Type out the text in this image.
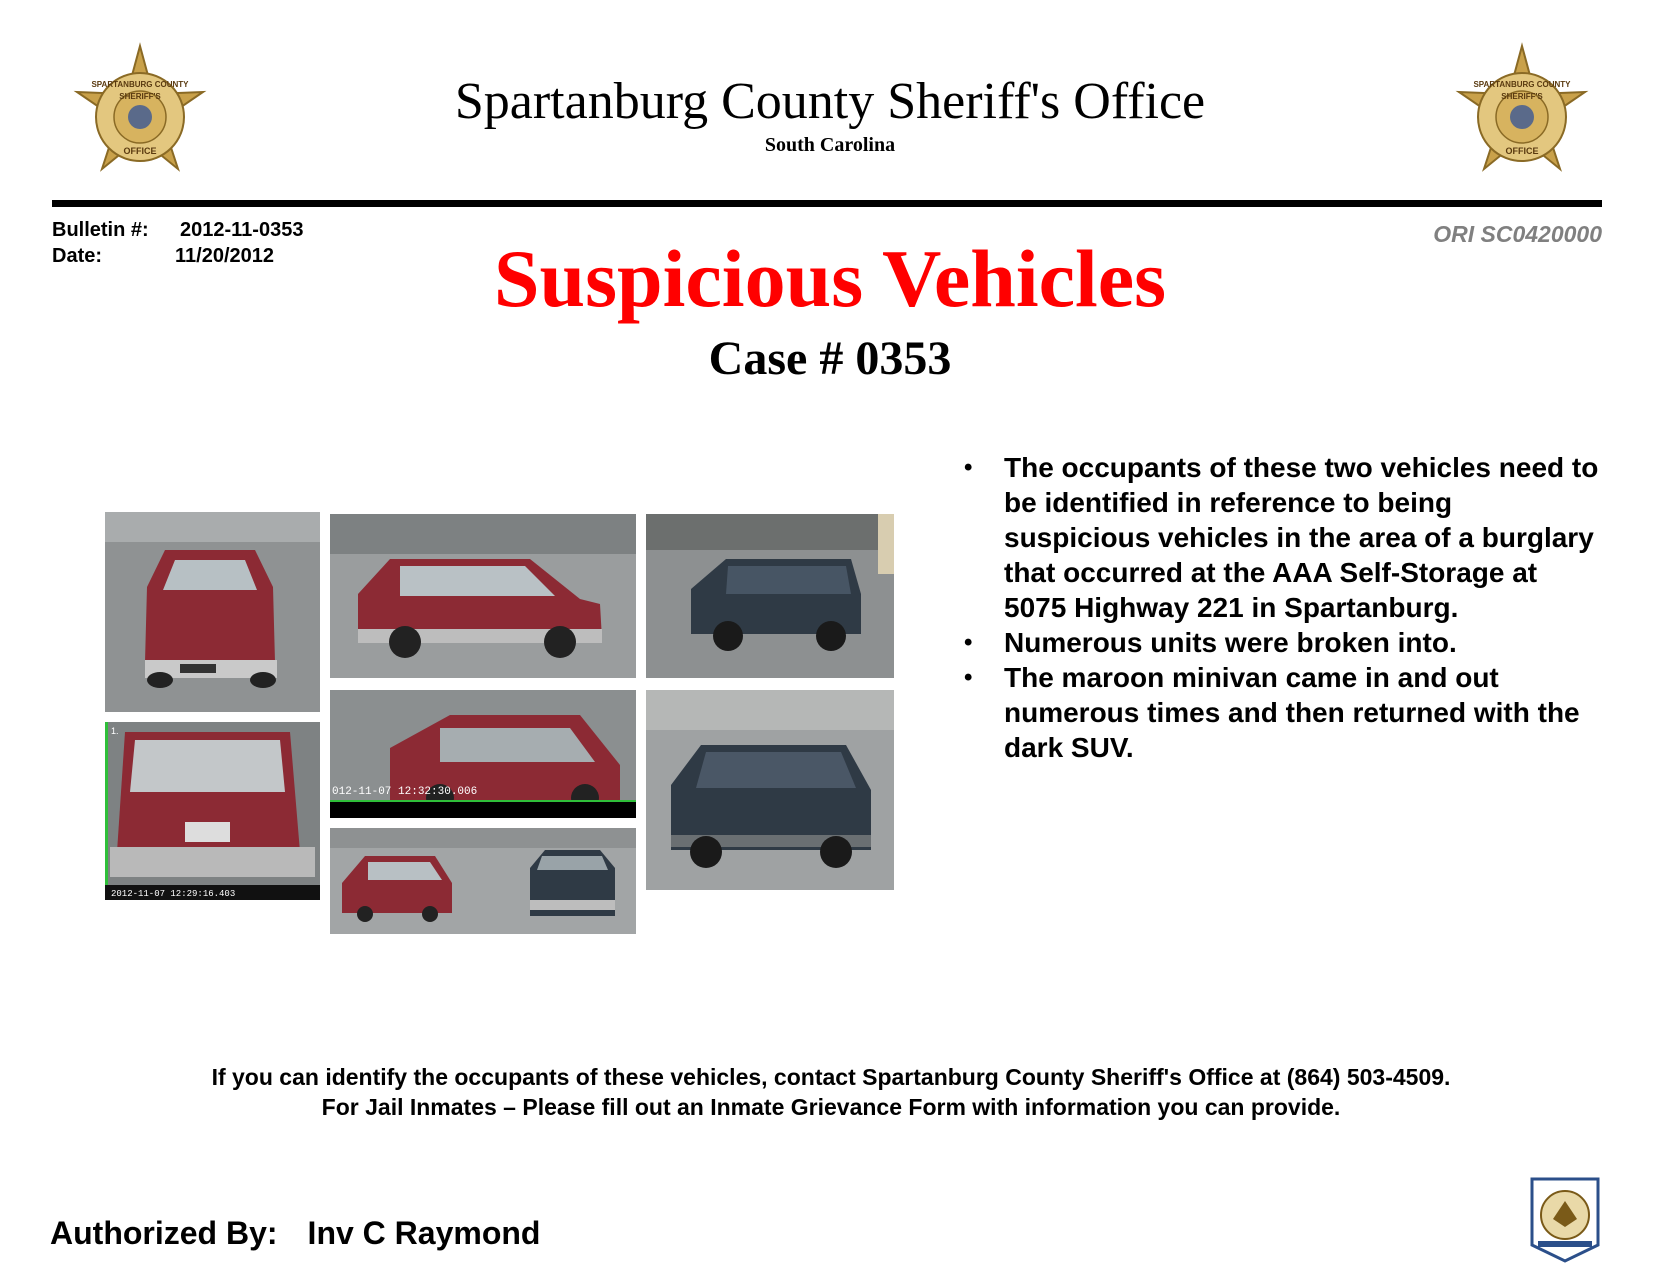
SPARTANBURG COUNTY
SHERIFF'S
OFFICE
SPARTANBURG COUNTY
SHERIFF'S
OFFICE
Spartanburg County Sheriff's Office
South Carolina
Bulletin #: 2012-11-0353
Date:	11/20/2012
ORI SC0420000
Suspicious Vehicles
Case # 0353
2012-11-07 12:29:16.403
1.
012-11-07 12:32:30.006
• The occupants of these two vehicles need to be identified in reference to being suspicious vehicles in the area of a burglary that occurred at the AAA Self-Storage at 5075 Highway 221 in Spartanburg.
• Numerous units were broken into.
• The maroon minivan came in and out numerous times and then returned with the dark SUV.
If you can identify the occupants of these vehicles, contact Spartanburg County Sheriff's Office at (864) 503-4509.
For Jail Inmates – Please fill out an Inmate Grievance Form with information you can provide.
Authorized By: Inv C Raymond
